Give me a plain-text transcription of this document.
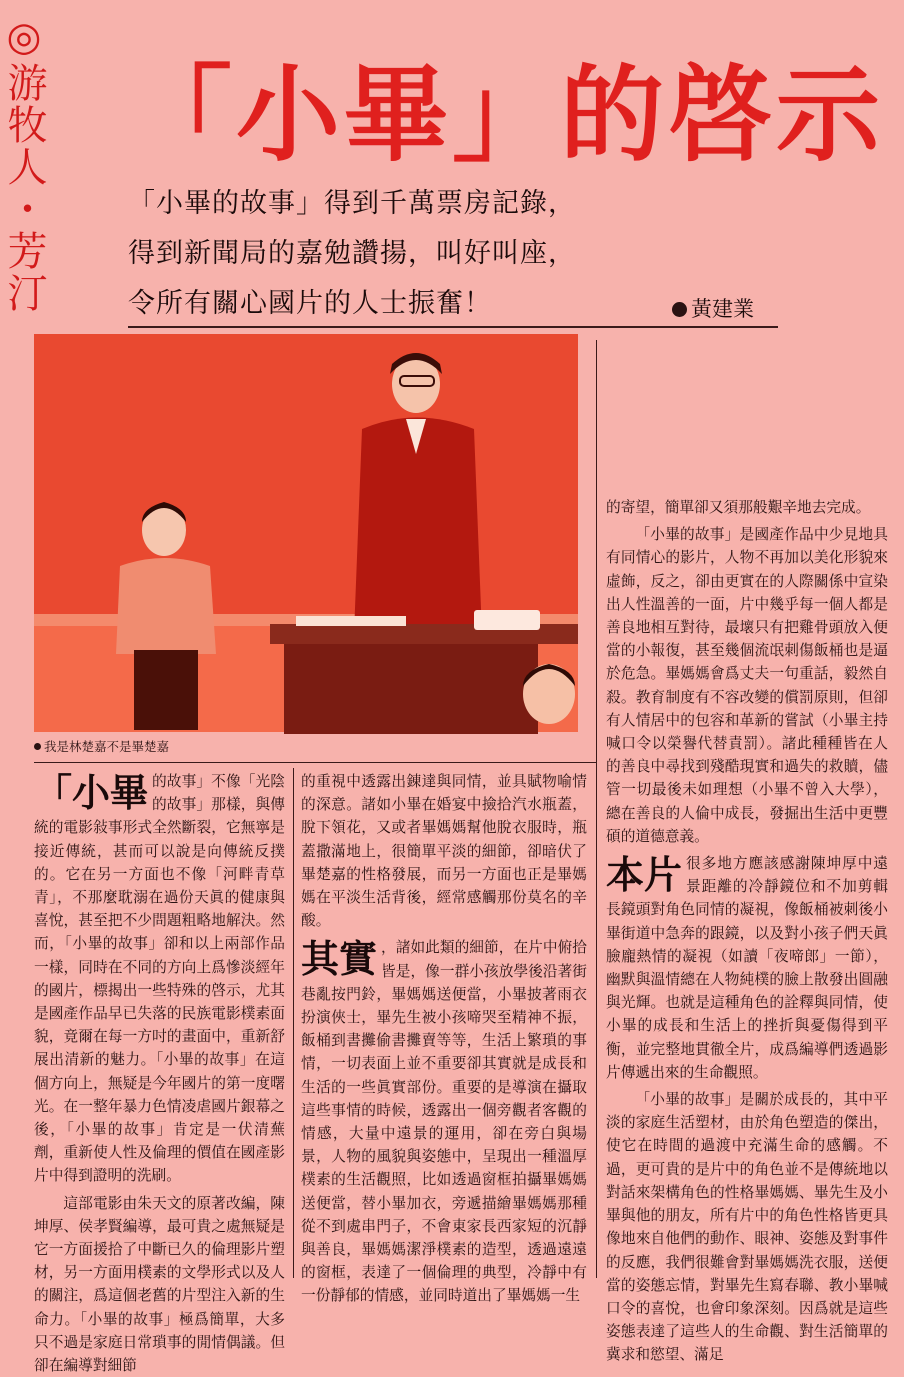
◎游牧人・芳汀 「小畢」的啓示
「小畢的故事」得到千萬票房記錄，
得到新聞局的嘉勉讚揚，叫好叫座，
令所有關心國片的人士振奮！	黃建業
我是林楚嘉不是畢楚嘉

「小畢 的故事」不像「光陰的故事」那樣，與傳統的電影敍事形式全然斷裂，它無寧是接近傳統，甚而可以說是向傳統反撲的。它在另一方面也不像「河畔青草青」，不那麼耽溺在過份天眞的健康與喜悅，甚至把不少問題粗略地解決。然而，「小畢的故事」卻和以上兩部作品一樣，同時在不同的方向上爲慘淡經年的國片，標揭出一些特殊的啓示，尤其是國產作品早已失落的民族電影樸素面貌，竟爾在每一方吋的畫面中，重新舒展出清新的魅力。「小畢的故事」在這個方向上，無疑是今年國片的第一度曙光。在一整年暴力色情凌虐國片銀幕之後，「小畢的故事」肯定是一伏清蕪劑，重新使人性及倫理的價值在國產影片中得到證明的洗刷。

這部電影由朱天文的原著改編，陳坤厚、侯孝賢編導，最可貴之處無疑是它一方面援拾了中斷已久的倫理影片塑材，另一方面用樸素的文學形式以及人的關注，爲這個老舊的片型注入新的生命力。「小畢的故事」極爲簡單，大多只不過是家庭日常瑣事的閒情偶議。但卻在編導對細節

的重視中透露出錬達與同情，並具賦物喻情的深意。諸如小畢在婚宴中撿拾汽水瓶蓋，脫下領花，又或者畢媽媽幫他脫衣服時，瓶蓋撒滿地上，很簡單平淡的細節，卻暗伏了畢楚嘉的性格發展，而另一方面也正是畢媽媽在平淡生活背後，經常感觸那份莫名的辛酸。

其實 ，諸如此類的細節，在片中俯拾皆是，像一群小孩放學後沿著街巷亂按門鈴，畢媽媽送便當，小畢披著雨衣扮演俠士，畢先生被小孩啼哭至精神不振，飯桶到書攤偷書攤賣等等，生活上繁瑣的事情，一切表面上並不重要卻其實就是成長和生活的一些眞實部份。重要的是導演在攝取這些事情的時候，透露出一個旁觀者客觀的情感，大量中遠景的運用，卻在旁白與場景，人物的風貌與姿態中，呈現出一種溫厚樸素的生活觀照，比如透過窗框拍攝畢媽媽送便當，替小畢加衣，旁遞描繪畢媽媽那種從不到處串門子，不會東家長西家短的沉靜與善良，畢媽媽潔淨樸素的造型，透過遠遠的窗框，表達了一個倫理的典型，冷靜中有一份靜郁的情感，並同時道出了畢媽媽一生

的寄望，簡單卻又須那般艱辛地去完成。

「小畢的故事」是國產作品中少見地具有同情心的影片，人物不再加以美化形貌來虛飾，反之，卻由更實在的人際關係中宣染出人性溫善的一面，片中幾乎每一個人都是善良地相互對待，最壞只有把雞骨頭放入便當的小報復，甚至幾個流氓刺傷飯桶也是逼於危急。畢媽媽會爲丈夫一句重話，毅然自殺。教育制度有不容改變的償罰原則，但卻有人情居中的包容和革新的嘗試（小畢主持喊口令以榮譽代替責罰）。諸此種種皆在人的善良中尋找到殘酷現實和過失的救贖，儘管一切最後未如理想（小畢不曾入大學），總在善良的人倫中成長，發掘出生活中更豐碩的道德意義。

本片 很多地方應該感謝陳坤厚中遠景距離的冷靜鏡位和不加剪輯長鏡頭對角色同情的凝視，像飯桶被刺後小畢街道中急奔的跟鏡，以及對小孩子們天眞臉龐熱情的凝視（如讀「夜啼郎」一節），幽默與溫情總在人物純樸的臉上散發出圓融與光輝。也就是這種角色的詮釋與同情，使小畢的成長和生活上的挫折與憂傷得到平衡，並完整地貫徹全片，成爲編導們透過影片傳遞出來的生命觀照。

「小畢的故事」是關於成長的，其中平淡的家庭生活塑材，由於角色塑造的傑出，使它在時間的過渡中充滿生命的感觸。不過，更可貴的是片中的角色並不是傳統地以對話來架構角色的性格畢媽媽、畢先生及小畢與他的朋友，所有片中的角色性格皆更具像地來自他們的動作、眼神、姿態及對事件的反應，我們很難會對畢媽媽洗衣服，送便當的姿態忘情，對畢先生寫春聯、教小畢喊口令的喜悅，也會印象深刻。因爲就是這些姿態表達了這些人的生命觀、對生活簡單的冀求和慾望、滿足
